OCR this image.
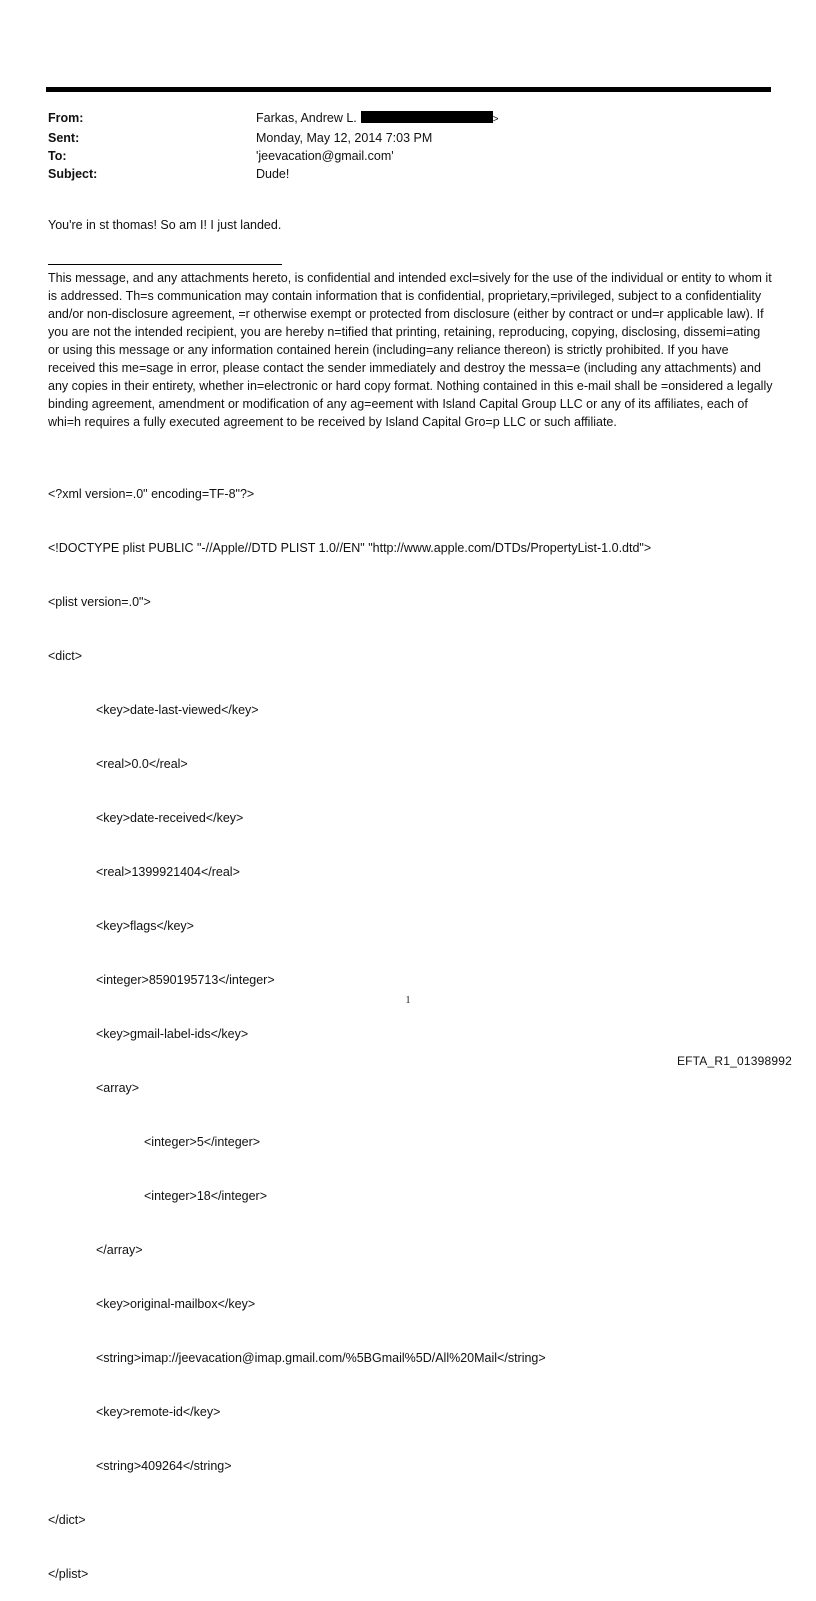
From:	Farkas, Andrew L.	>
Sent:	Monday, May 12, 2014 7:03 PM
To:	'jeevacation@gmail.com'
Subject:	Dude!
You're in st thomas! So am I! I just landed.
This message, and any attachments hereto, is confidential and intended excl=sively for the use of the individual or entity to whom it is addressed. Th=s communication may contain information that is confidential, proprietary,=privileged, subject to a confidentiality and/or non-disclosure agreement, =r otherwise exempt or protected from disclosure (either by contract or und=r applicable law). If you are not the intended recipient, you are hereby n=tified that printing, retaining, reproducing, copying, disclosing, dissemi=ating or using this message or any information contained herein (including=any reliance thereon) is strictly prohibited. If you have received this me=sage in error, please contact the sender immediately and destroy the messa=e (including any attachments) and any copies in their entirety, whether in=electronic or hard copy format. Nothing contained in this e-mail shall be =onsidered a legally binding agreement, amendment or modification of any ag=eement with Island Capital Group LLC or any of its affiliates, each of whi=h requires a fully executed agreement to be received by Island Capital Gro=p LLC or such affiliate.

<?xml version=.0" encoding=TF-8"?>

<!DOCTYPE plist PUBLIC "-//Apple//DTD PLIST 1.0//EN" "http://www.apple.com/DTDs/PropertyList-1.0.dtd">

<plist version=.0">

<dict>

<key>date-last-viewed</key>

<real>0.0</real>

<key>date-received</key>

<real>1399921404</real>

<key>flags</key>

<integer>8590195713</integer>

<key>gmail-label-ids</key>

<array>

<integer>5</integer>

<integer>18</integer>

</array>

<key>original-mailbox</key>

<string>imap://jeevacation@imap.gmail.com/%5BGmail%5D/All%20Mail</string>

<key>remote-id</key>

<string>409264</string>

</dict>

</plist>

1
EFTA_R1_01398992
